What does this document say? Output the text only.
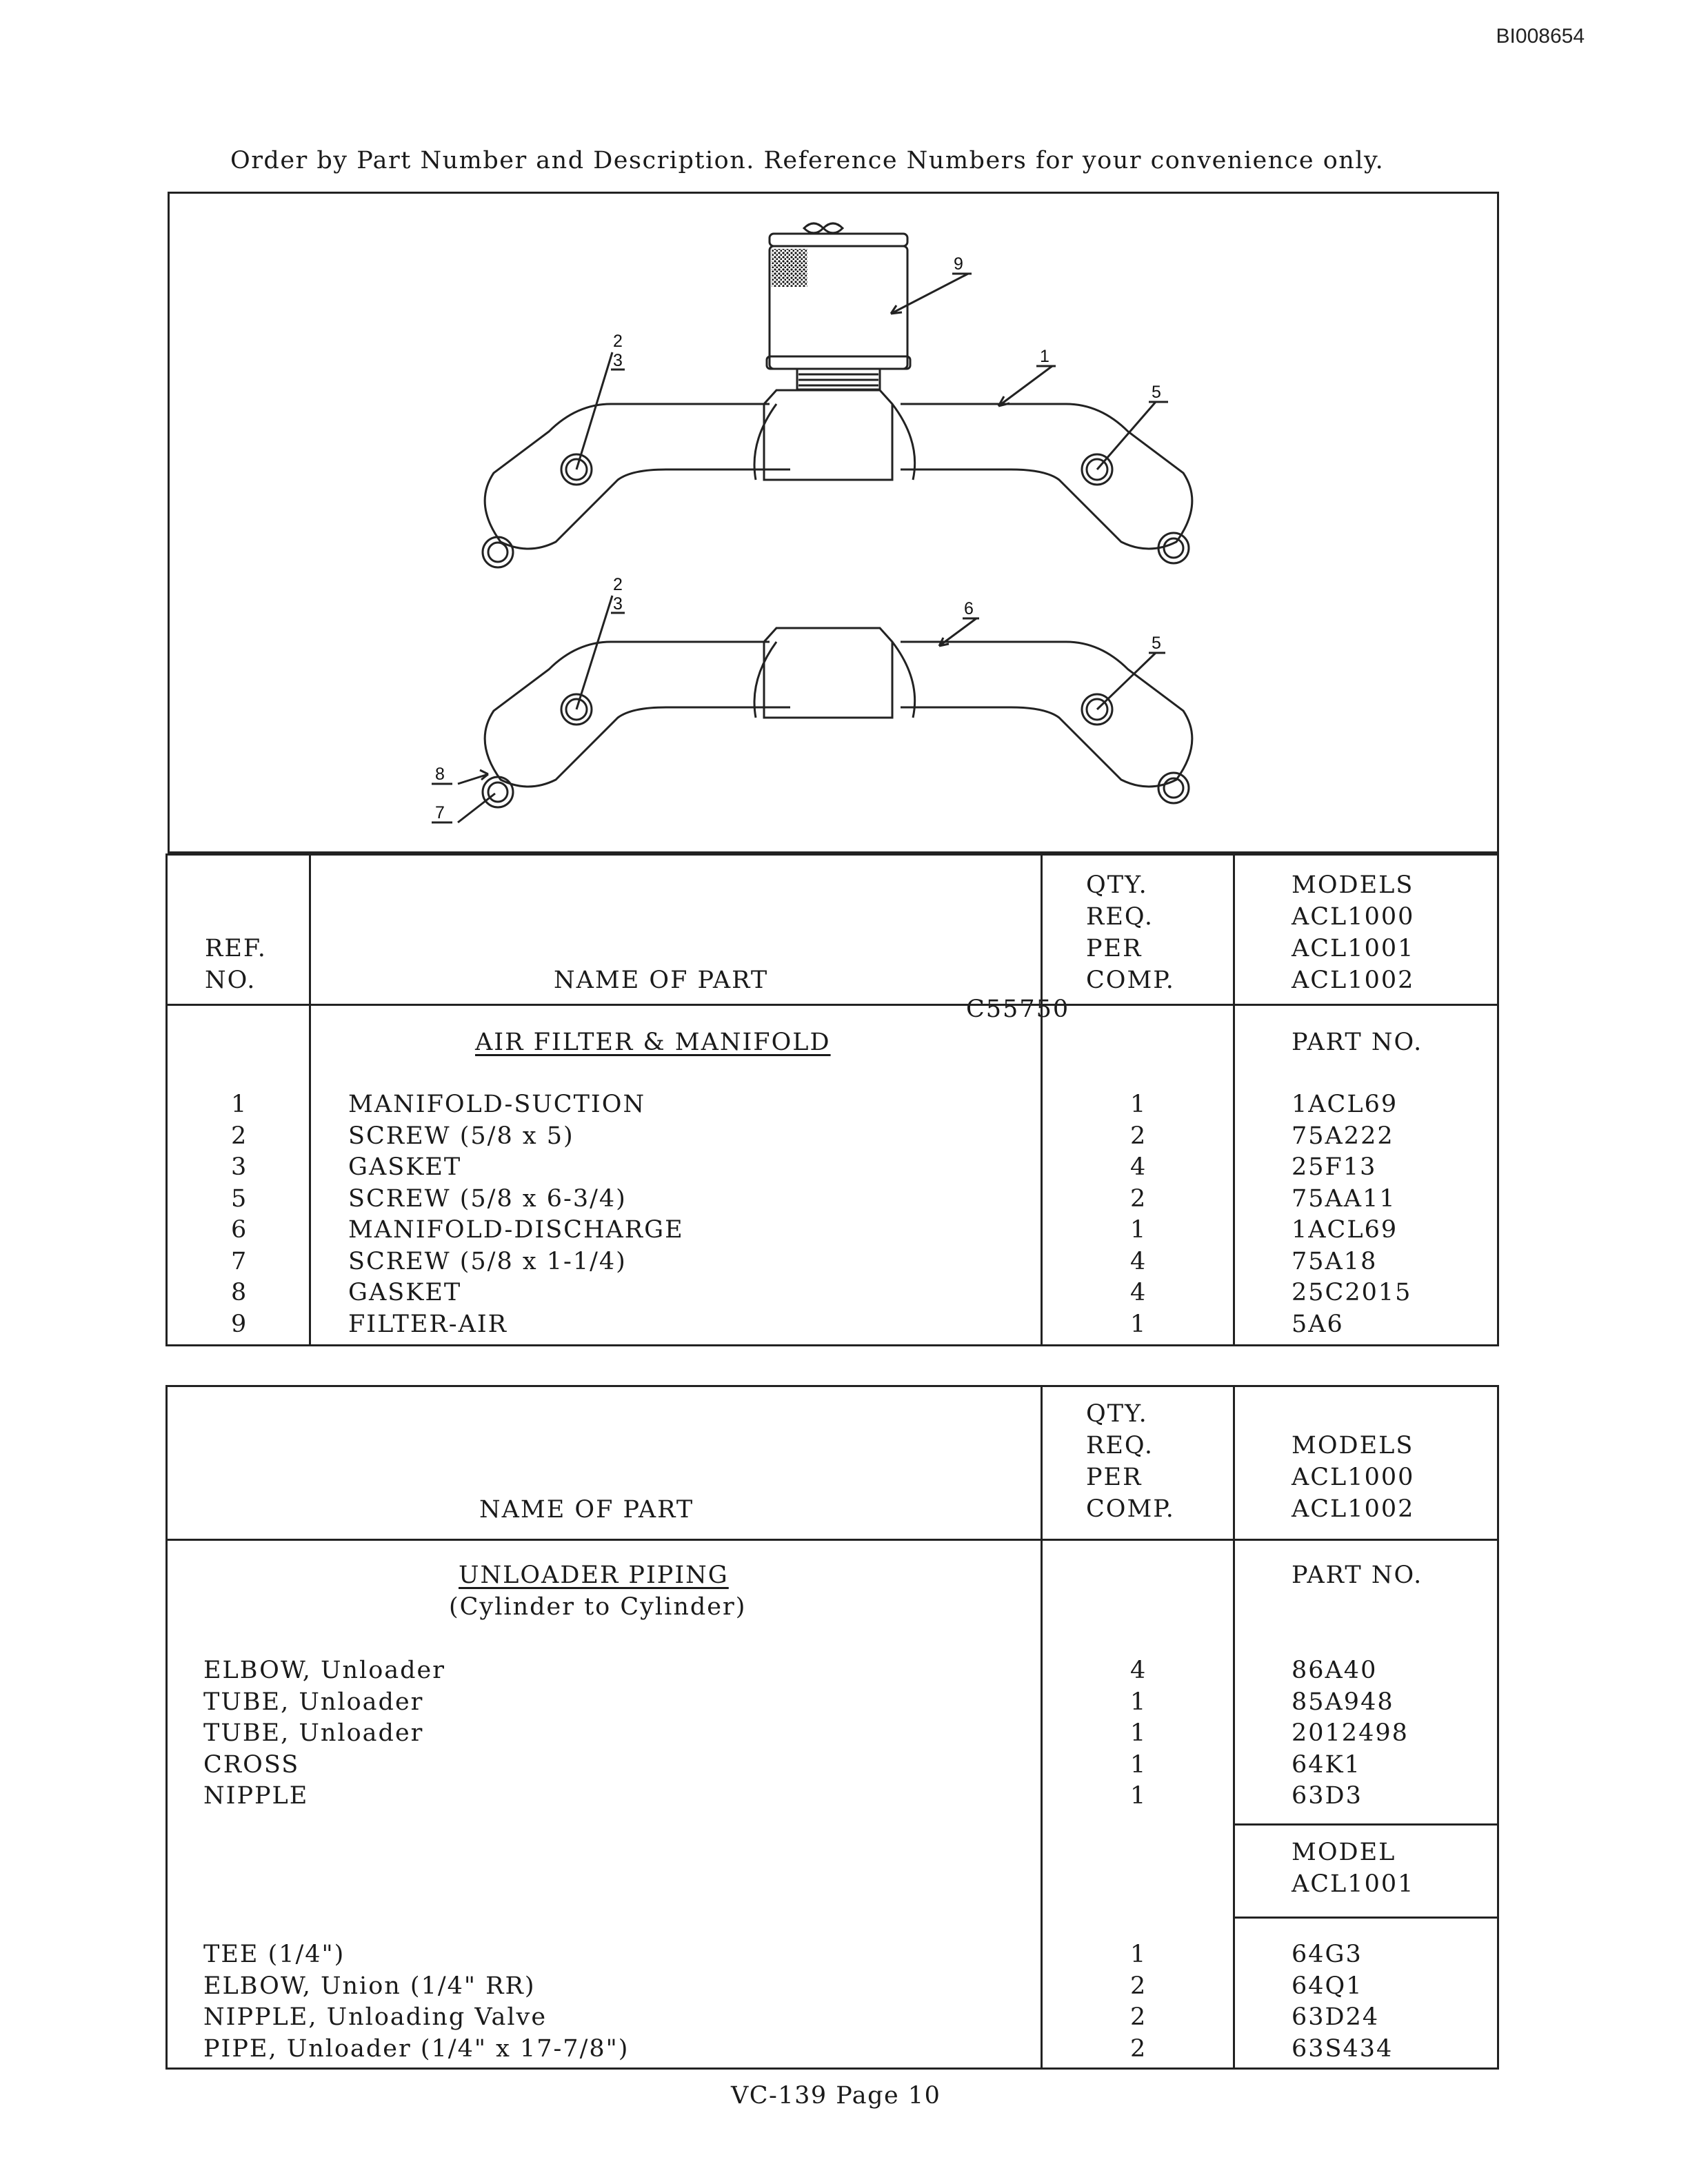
BI008654
Order by Part Number and Description. Reference Numbers for your convenience only.
9
1
5
2
3
2
3	6
5
8
7
C55750
REF.
NO.	NAME OF PART
QTY.
REQ.
PER
COMP.
MODELS
ACL1000
ACL1001
ACL1002
AIR FILTER & MANIFOLD	PART NO.
1	MANIFOLD-SUCTION	1	1ACL69
2	SCREW (5/8 x 5)	2	75A222
3	GASKET	4	25F13
5	SCREW (5/8 x 6-3/4)	2	75AA11
6	MANIFOLD-DISCHARGE	1	1ACL69
7	SCREW (5/8 x 1-1/4)	4	75A18
8	GASKET	4	25C2015
9	FILTER-AIR	1	5A6
NAME OF PART
QTY.
REQ.
PER
COMP.
MODELS
ACL1000
ACL1002
UNLOADER PIPING
(Cylinder to Cylinder)
PART NO.
MODEL
ACL1001
ELBOW, Unloader	4	86A40
TUBE, Unloader	1	85A948
TUBE, Unloader	1	2012498
CROSS	1	64K1
NIPPLE	1	63D3
TEE (1/4")	1	64G3
ELBOW, Union (1/4" RR)	2	64Q1
NIPPLE, Unloading Valve	2	63D24
PIPE, Unloader (1/4" x 17-7/8")	2	63S434
VC-139 Page 10
